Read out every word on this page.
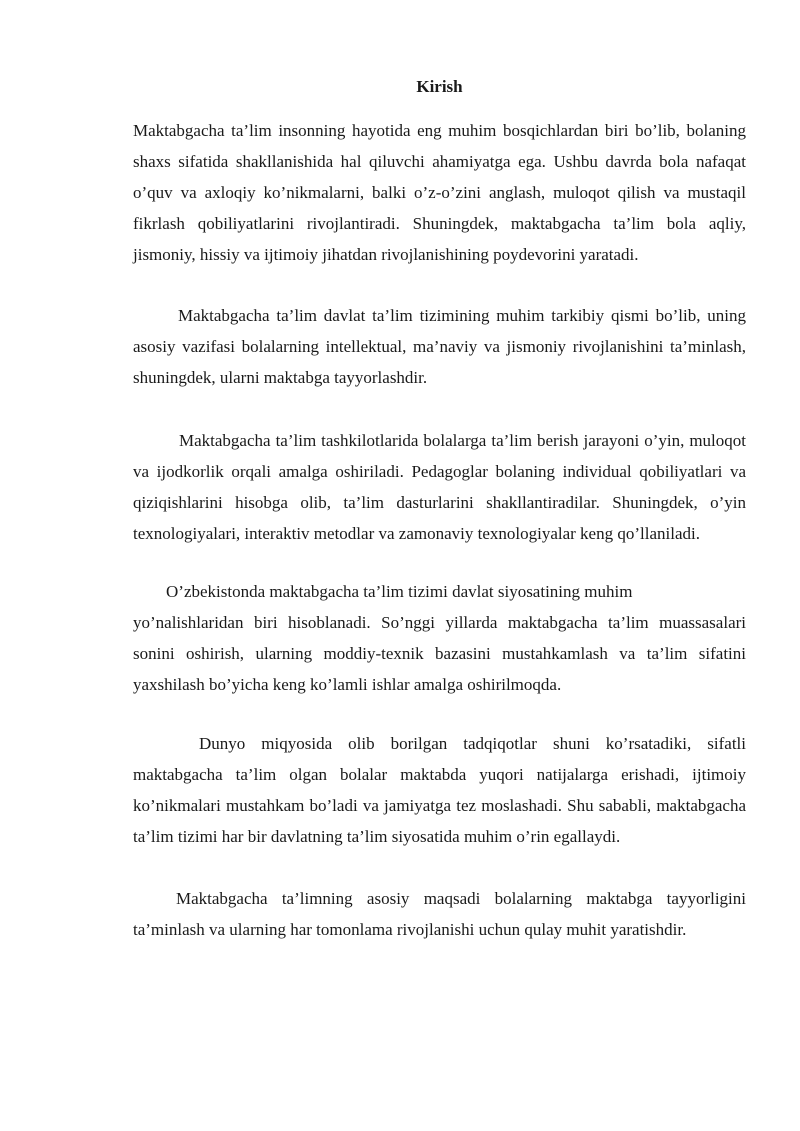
Kirish

Maktabgacha ta’lim insonning hayotida eng muhim bosqichlardan biri bo’lib, bolaning shaxs sifatida shakllanishida hal qiluvchi ahamiyatga ega. Ushbu davrda bola nafaqat o’quv va axloqiy ko’nikmalarni, balki o’z-o’zini anglash, muloqot qilish va mustaqil fikrlash qobiliyatlarini rivojlantiradi. Shuningdek, maktabgacha ta’lim bola aqliy, jismoniy, hissiy va ijtimoiy jihatdan rivojlanishining poydevorini yaratadi.

Maktabgacha ta’lim davlat ta’lim tizimining muhim tarkibiy qismi bo’lib, uning asosiy vazifasi bolalarning intellektual, ma’naviy va jismoniy rivojlanishini ta’minlash, shuningdek, ularni maktabga tayyorlashdir.

Maktabgacha ta’lim tashkilotlarida bolalarga ta’lim berish jarayoni o’yin, muloqot va ijodkorlik orqali amalga oshiriladi. Pedagoglar bolaning individual qobiliyatlari va qiziqishlarini hisobga olib, ta’lim dasturlarini shakllantiradilar. Shuningdek, o’yin texnologiyalari, interaktiv metodlar va zamonaviy texnologiyalar keng qo’llaniladi.

O’zbekistonda maktabgacha ta’lim tizimi davlat siyosatining muhim
yo’nalishlaridan biri hisoblanadi. So’nggi yillarda maktabgacha ta’lim muassasalari sonini oshirish, ularning moddiy-texnik bazasini mustahkamlash va ta’lim sifatini yaxshilash bo’yicha keng ko’lamli ishlar amalga oshirilmoqda.

Dunyo miqyosida olib borilgan tadqiqotlar shuni ko’rsatadiki, sifatli maktabgacha ta’lim olgan bolalar maktabda yuqori natijalarga erishadi, ijtimoiy ko’nikmalari mustahkam bo’ladi va jamiyatga tez moslashadi. Shu sababli, maktabgacha ta’lim tizimi har bir davlatning ta’lim siyosatida muhim o’rin egallaydi.

Maktabgacha ta’limning asosiy maqsadi bolalarning maktabga tayyorligini ta’minlash va ularning har tomonlama rivojlanishi uchun qulay muhit yaratishdir.
